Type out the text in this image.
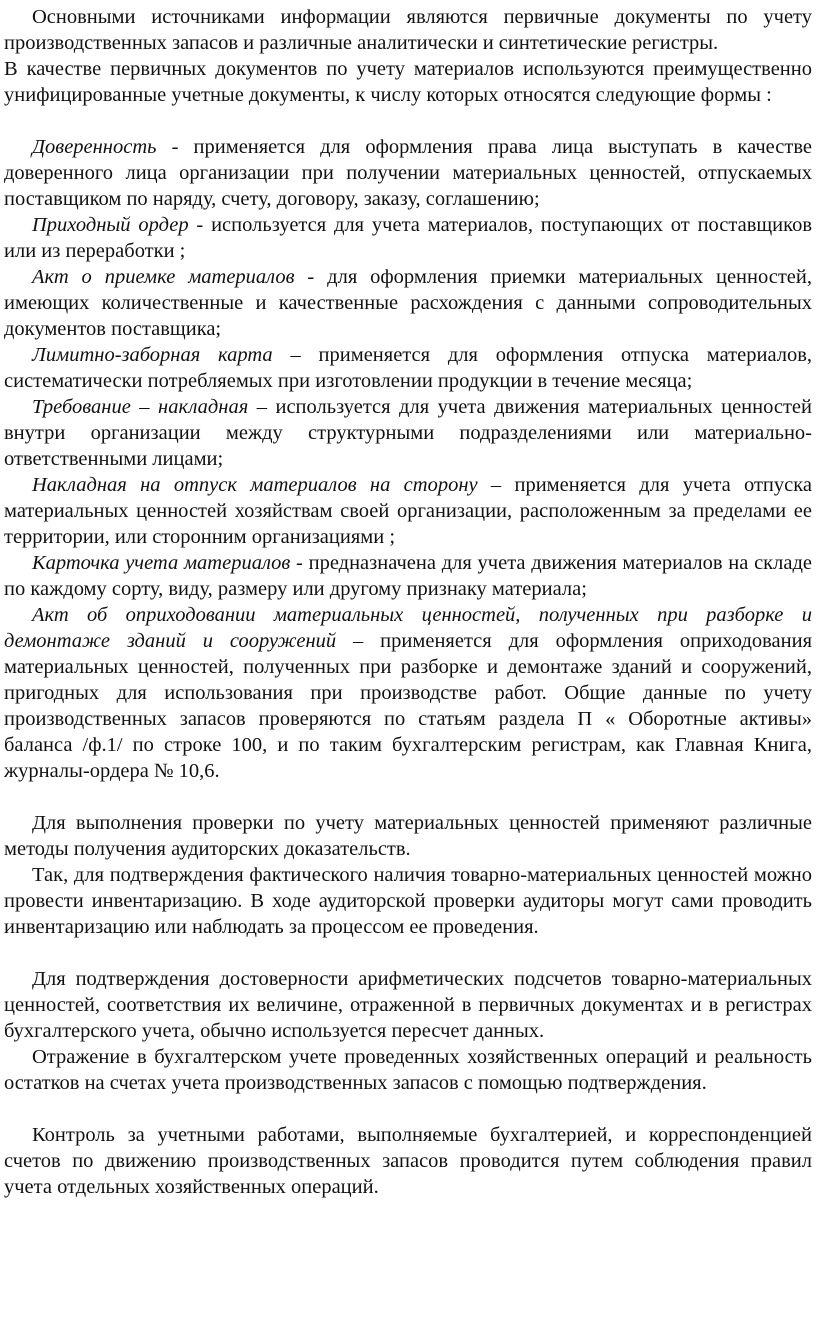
Основными источниками информации являются первичные документы по учету производственных запасов и различные аналитически и синтетические регистры.

В качестве первичных документов по учету материалов используются преимущественно унифицированные учетные документы, к числу которых относятся следующие формы :

Доверенность - применяется для оформления права лица выступать в качестве доверенного лица организации при получении материальных ценностей, отпускаемых поставщиком по наряду, счету, договору, заказу, соглашению;

Приходный ордер - используется для учета материалов, поступающих от поставщиков или из переработки ;

Акт о приемке материалов - для оформления приемки материальных ценностей, имеющих количественные и качественные расхождения с данными сопроводительных документов поставщика;

Лимитно-заборная карта – применяется для оформления отпуска материалов, систематически потребляемых при изготовлении продукции в течение месяца;

Требование – накладная – используется для учета движения материальных ценностей внутри организации между структурными подразделениями или материально-ответственными лицами;

Накладная на отпуск материалов на сторону – применяется для учета отпуска материальных ценностей хозяйствам своей организации, расположенным за пределами ее территории, или сторонним организациями ;

Карточка учета материалов - предназначена для учета движения материалов на складе по каждому сорту, виду, размеру или другому признаку материала;

Акт об оприходовании материальных ценностей, полученных при разборке и демонтаже зданий и сооружений – применяется для оформления оприходования материальных ценностей, полученных при разборке и демонтаже зданий и сооружений, пригодных для использования при производстве работ. Общие данные по учету производственных запасов проверяются по статьям раздела П « Оборотные активы» баланса /ф.1/ по строке 100, и по таким бухгалтерским регистрам, как Главная Книга, журналы-ордера № 10,6.

Для выполнения проверки по учету материальных ценностей применяют различные методы получения аудиторских доказательств.

Так, для подтверждения фактического наличия товарно-материальных ценностей можно провести инвентаризацию. В ходе аудиторской проверки аудиторы могут сами проводить инвентаризацию или наблюдать за процессом ее проведения.

Для подтверждения достоверности арифметических подсчетов товарно-материальных ценностей, соответствия их величине, отраженной в первичных документах и в регистрах бухгалтерского учета, обычно используется пересчет данных.

Отражение в бухгалтерском учете проведенных хозяйственных операций и реальность остатков на счетах учета производственных запасов с помощью подтверждения.

Контроль за учетными работами, выполняемые бухгалтерией, и корреспонденцией счетов по движению производственных запасов проводится путем соблюдения правил учета отдельных хозяйственных операций.
